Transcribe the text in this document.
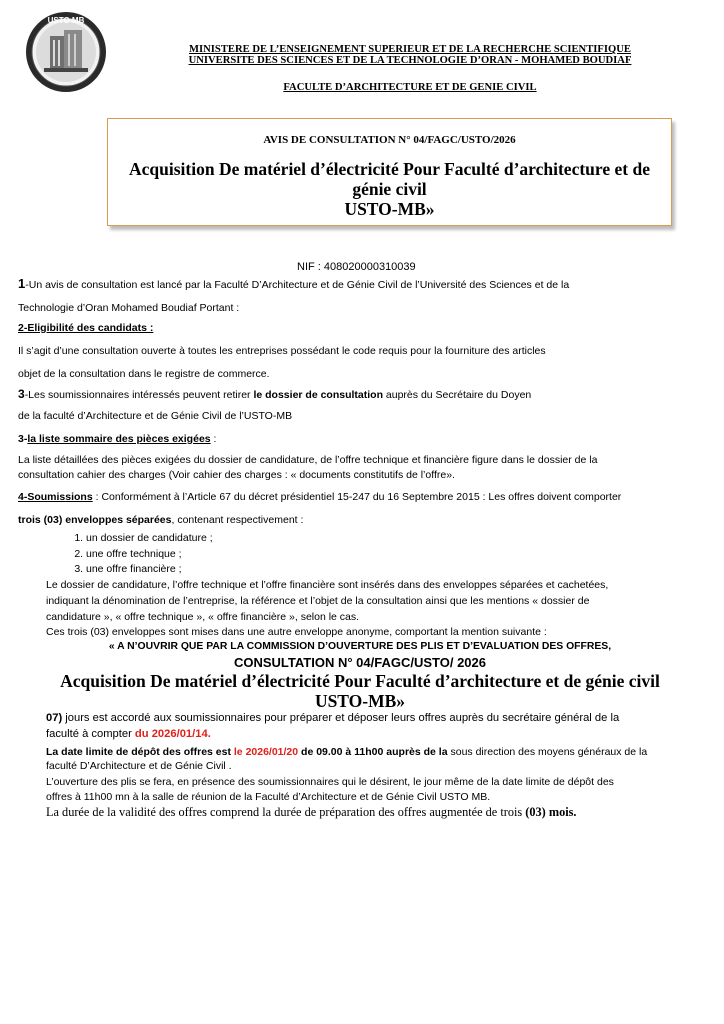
USTO MB
MINISTERE DE L’ENSEIGNEMENT SUPERIEUR ET DE LA RECHERCHE SCIENTIFIQUE
UNIVERSITE DES SCIENCES ET DE LA TECHNOLOGIE D’ORAN - MOHAMED BOUDIAF
FACULTE D’ARCHITECTURE ET DE GENIE CIVIL
AVIS DE CONSULTATION N° 04/FAGC/USTO/2026
Acquisition De matériel d’électricité Pour Faculté d’architecture et de génie civil
USTO-MB»
NIF : 408020000310039
1-Un avis de consultation est lancé par la Faculté D’Architecture et de Génie Civil de l’Université des Sciences et de la
Technologie d’Oran Mohamed Boudiaf Portant :
2-Eligibilité des candidats :
Il s’agit d’une consultation ouverte à toutes les entreprises possédant le code requis pour la fourniture des articles
objet de la consultation dans le registre de commerce.
3-Les soumissionnaires intéressés peuvent retirer le dossier de consultation auprès du Secrétaire du Doyen
de la faculté d’Architecture et de Génie Civil de l’USTO-MB
3-la liste sommaire des pièces exigées :
La liste détaillées des pièces exigées du dossier de candidature, de l’offre technique et financière figure dans le dossier de la
consultation cahier des charges (Voir cahier des charges : « documents constitutifs de l’offre».
4-Soumissions : Conformément à l’Article 67 du décret présidentiel 15-247 du 16 Septembre 2015 : Les offres doivent comporter
trois (03) enveloppes séparées, contenant respectivement :
1. un dossier de candidature ;
2. une offre technique ;
3. une offre financière ;
Le dossier de candidature, l’offre technique et l’offre financière sont insérés dans des enveloppes séparées et cachetées,
indiquant la dénomination de l’entreprise, la référence et l’objet de la consultation ainsi que les mentions « dossier de
candidature », « offre technique », « offre financière », selon le cas.
Ces trois (03) enveloppes sont mises dans une autre enveloppe anonyme, comportant la mention suivante :
« A N’OUVRIR QUE PAR LA COMMISSION D’OUVERTURE DES PLIS ET D’EVALUATION DES OFFRES,
CONSULTATION N° 04/FAGC/USTO/ 2026
Acquisition De matériel d’électricité Pour Faculté d’architecture et de génie civil
USTO-MB»
07) jours est accordé aux soumissionnaires pour préparer et déposer leurs offres auprès du secrétaire général de la
faculté à compter du 2026/01/14.
La date limite de dépôt des offres est le 2026/01/20 de 09.00 à 11h00 auprès de la sous direction des moyens généraux de la
faculté D’Architecture et de Génie Civil .
L’ouverture des plis se fera, en présence des soumissionnaires qui le désirent, le jour même de la date limite de dépôt des
offres à 11h00 mn à la salle de réunion de la Faculté d’Architecture et de Génie Civil USTO MB.
La durée de la validité des offres comprend la durée de préparation des offres augmentée de trois (03) mois.
